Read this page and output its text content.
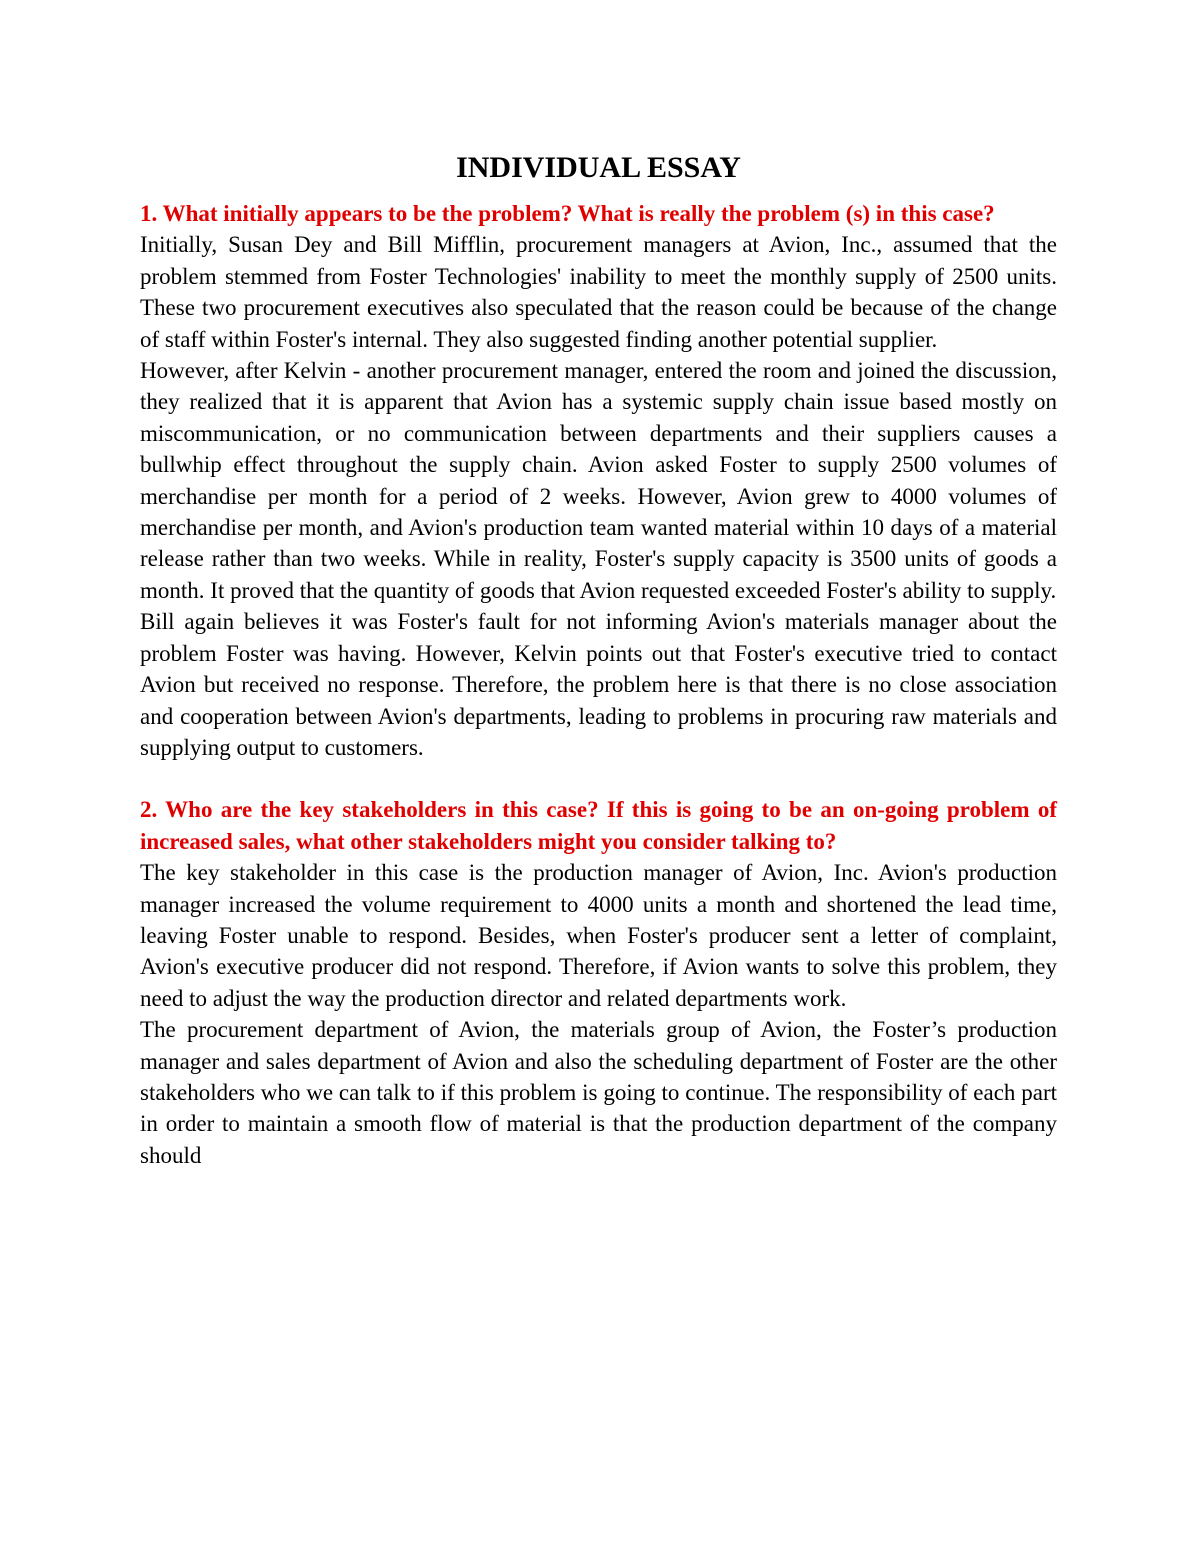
INDIVIDUAL ESSAY

1. What initially appears to be the problem? What is really the problem (s) in this case?

Initially, Susan Dey and Bill Mifflin, procurement managers at Avion, Inc., assumed that the problem stemmed from Foster Technologies' inability to meet the monthly supply of 2500 units. These two procurement executives also speculated that the reason could be because of the change of staff within Foster's internal. They also suggested finding another potential supplier.

However, after Kelvin - another procurement manager, entered the room and joined the discussion, they realized that it is apparent that Avion has a systemic supply chain issue based mostly on miscommunication, or no communication between departments and their suppliers causes a bullwhip effect throughout the supply chain. Avion asked Foster to supply 2500 volumes of merchandise per month for a period of 2 weeks. However, Avion grew to 4000 volumes of merchandise per month, and Avion's production team wanted material within 10 days of a material release rather than two weeks. While in reality, Foster's supply capacity is 3500 units of goods a month. It proved that the quantity of goods that Avion requested exceeded Foster's ability to supply.

Bill again believes it was Foster's fault for not informing Avion's materials manager about the problem Foster was having. However, Kelvin points out that Foster's executive tried to contact Avion but received no response. Therefore, the problem here is that there is no close association and cooperation between Avion's departments, leading to problems in procuring raw materials and supplying output to customers.

2. Who are the key stakeholders in this case? If this is going to be an on-going problem of increased sales, what other stakeholders might you consider talking to?

The key stakeholder in this case is the production manager of Avion, Inc. Avion's production manager increased the volume requirement to 4000 units a month and shortened the lead time, leaving Foster unable to respond. Besides, when Foster's producer sent a letter of complaint, Avion's executive producer did not respond. Therefore, if Avion wants to solve this problem, they need to adjust the way the production director and related departments work.

The procurement department of Avion, the materials group of Avion, the Foster’s production manager and sales department of Avion and also the scheduling department of Foster are the other stakeholders who we can talk to if this problem is going to continue. The responsibility of each part in order to maintain a smooth flow of material is that the production department of the company should
